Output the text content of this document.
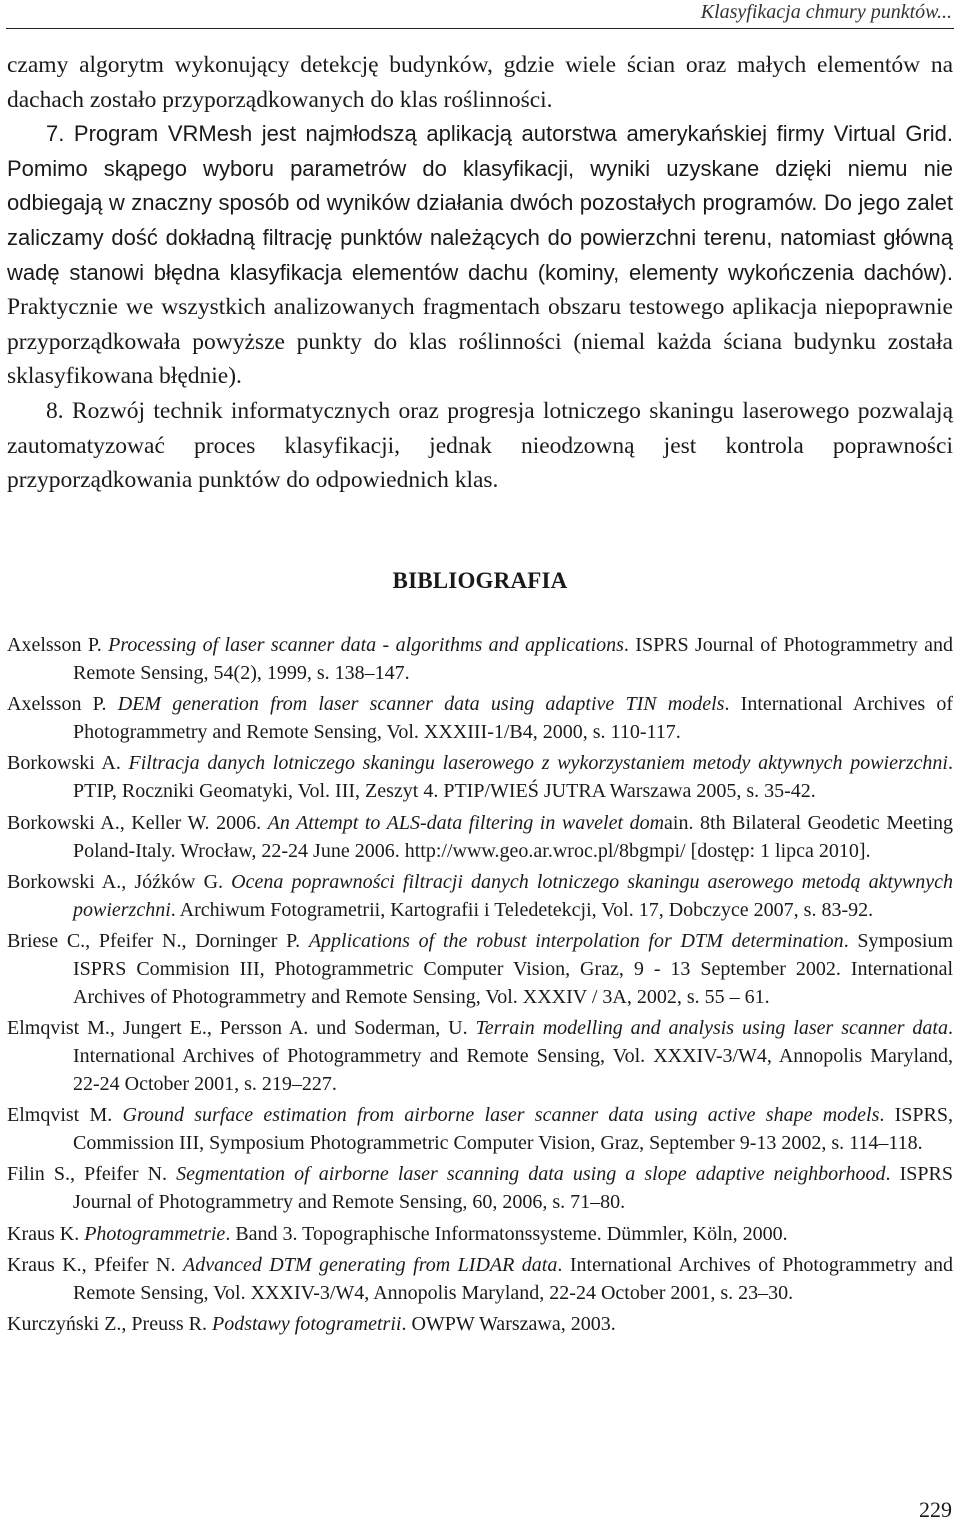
Klasyfikacja chmury punktów...

czamy algorytm wykonujący detekcję budynków, gdzie wiele ścian oraz małych elementów na dachach zostało przyporządkowanych do klas roślinności.

7. Program VRMesh jest najmłodszą aplikacją autorstwa amerykańskiej firmy Virtual Grid. Pomimo skąpego wyboru parametrów do klasyfikacji, wyniki uzyskane dzięki niemu nie odbiegają w znaczny sposób od wyników działania dwóch pozostałych programów. Do jego zalet zaliczamy dość dokładną filtrację punktów należących do powierzchni terenu, natomiast główną wadę stanowi błędna klasyfikacja elementów dachu (kominy, elementy wykończenia dachów). Praktycznie we wszystkich analizowanych fragmentach obszaru testowego aplikacja niepoprawnie przyporządkowała powyższe punkty do klas roślinności (niemal każda ściana budynku została sklasyfikowana błędnie).

8. Rozwój technik informatycznych oraz progresja lotniczego skaningu laserowego pozwalają zautomatyzować proces klasyfikacji, jednak nieodzowną jest kontrola poprawności przyporządkowania punktów do odpowiednich klas.

BIBLIOGRAFIA

Axelsson P. Processing of laser scanner data - algorithms and applications. ISPRS Journal of Photogrammetry and Remote Sensing, 54(2), 1999, s. 138–147.

Axelsson P. DEM generation from laser scanner data using adaptive TIN models. International Archives of Photogrammetry and Remote Sensing, Vol. XXXIII-1/B4, 2000, s. 110-117.

Borkowski A. Filtracja danych lotniczego skaningu laserowego z wykorzystaniem metody aktywnych powierzchni. PTIP, Roczniki Geomatyki, Vol. III, Zeszyt 4. PTIP/WIEŚ JUTRA Warszawa 2005, s. 35-42.

Borkowski A., Keller W. 2006. An Attempt to ALS-data filtering in wavelet domain. 8th Bilateral Geodetic Meeting Poland-Italy. Wrocław, 22-24 June 2006. http://www.geo.ar.wroc.pl/8bgmpi/ [dostęp: 1 lipca 2010].

Borkowski A., Jóźków G. Ocena poprawności filtracji danych lotniczego skaningu aserowego metodą aktywnych powierzchni. Archiwum Fotogrametrii, Kartografii i Teledetekcji, Vol. 17, Dobczyce 2007, s. 83-92.

Briese C., Pfeifer N., Dorninger P. Applications of the robust interpolation for DTM determination. Symposium ISPRS Commision III, Photogrammetric Computer Vision, Graz, 9 - 13 September 2002. International Archives of Photogrammetry and Remote Sensing, Vol. XXXIV / 3A, 2002, s. 55 – 61.

Elmqvist M., Jungert E., Persson A. und Soderman, U. Terrain modelling and analysis using laser scanner data. International Archives of Photogrammetry and Remote Sensing, Vol. XXXIV-3/W4, Annopolis Maryland, 22-24 October 2001, s. 219–227.

Elmqvist M. Ground surface estimation from airborne laser scanner data using active shape models. ISPRS, Commission III, Symposium Photogrammetric Computer Vision, Graz, September 9-13 2002, s. 114–118.

Filin S., Pfeifer N. Segmentation of airborne laser scanning data using a slope adaptive neighborhood. ISPRS Journal of Photogrammetry and Remote Sensing, 60, 2006, s. 71–80.

Kraus K. Photogrammetrie. Band 3. Topographische Informatonssysteme. Dümmler, Köln, 2000.

Kraus K., Pfeifer N. Advanced DTM generating from LIDAR data. International Archives of Photogrammetry and Remote Sensing, Vol. XXXIV-3/W4, Annopolis Maryland, 22-24 October 2001, s. 23–30.

Kurczyński Z., Preuss R. Podstawy fotogrametrii. OWPW Warszawa, 2003.

229
